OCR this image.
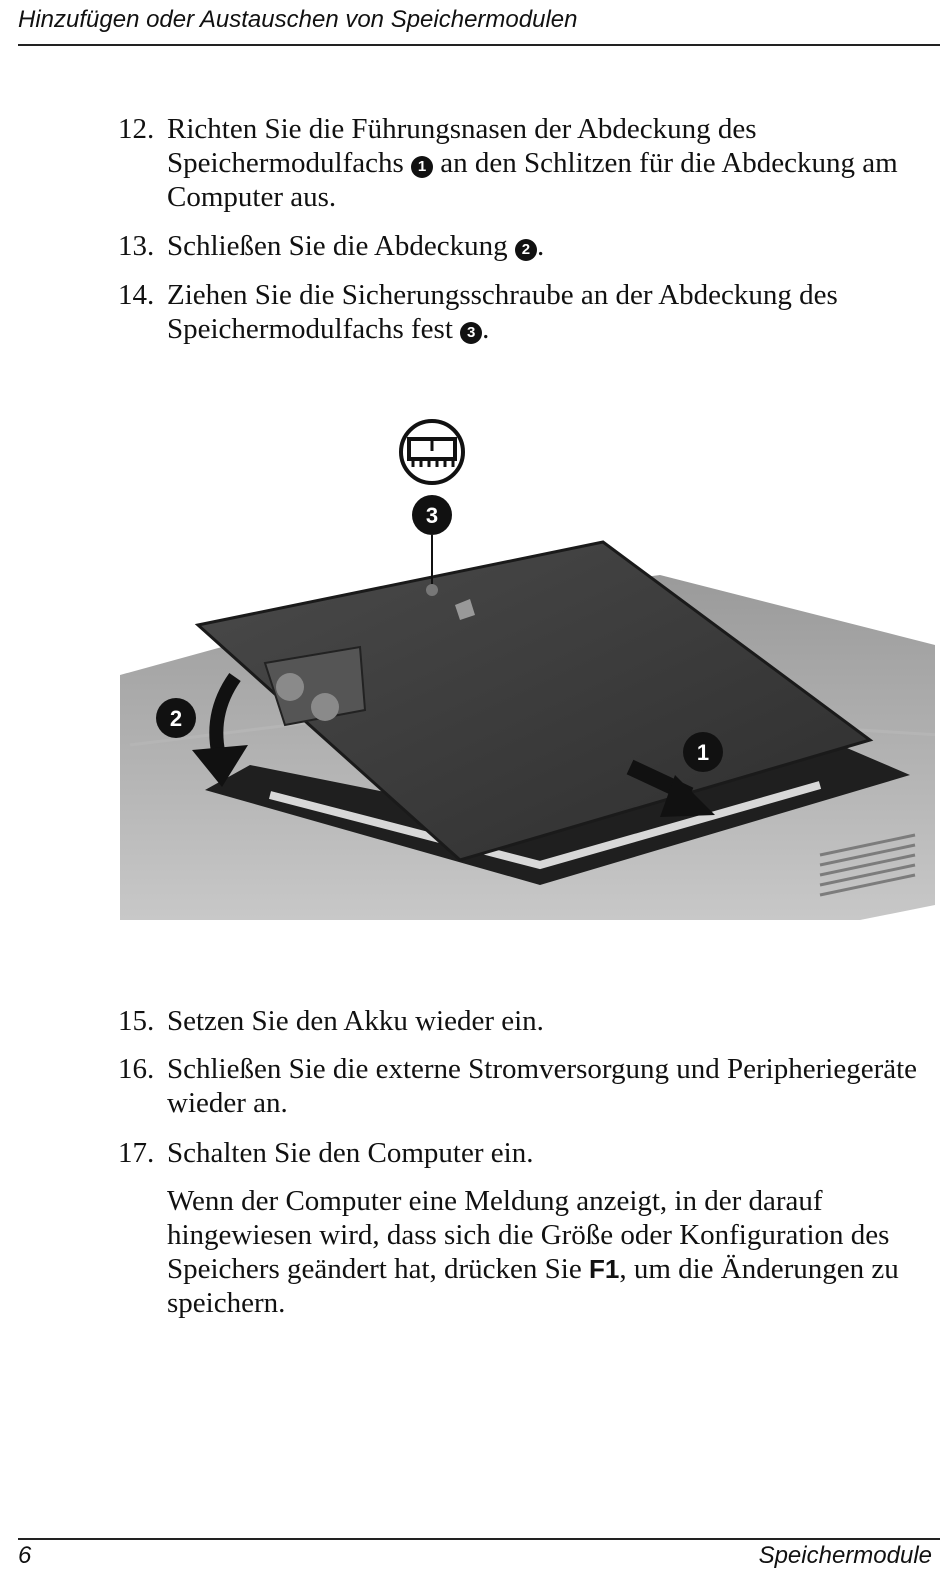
Hinzufügen oder Austauschen von Speichermodulen
12. Richten Sie die Führungsnasen der Abdeckung des Speichermodulfachs 1 an den Schlitzen für die Abdeckung am Computer aus.
13. Schließen Sie die Abdeckung 2 .
14. Ziehen Sie die Sicherungsschraube an der Abdeckung des Speichermodulfachs fest 3 .
3
2
1
15. Setzen Sie den Akku wieder ein.
16. Schließen Sie die externe Stromversorgung und Peripheriegeräte wieder an.
17. Schalten Sie den Computer ein.
Wenn der Computer eine Meldung anzeigt, in der darauf hingewiesen wird, dass sich die Größe oder Konfiguration des Speichers geändert hat, drücken Sie F1, um die Änderungen zu speichern.
6	Speichermodule
